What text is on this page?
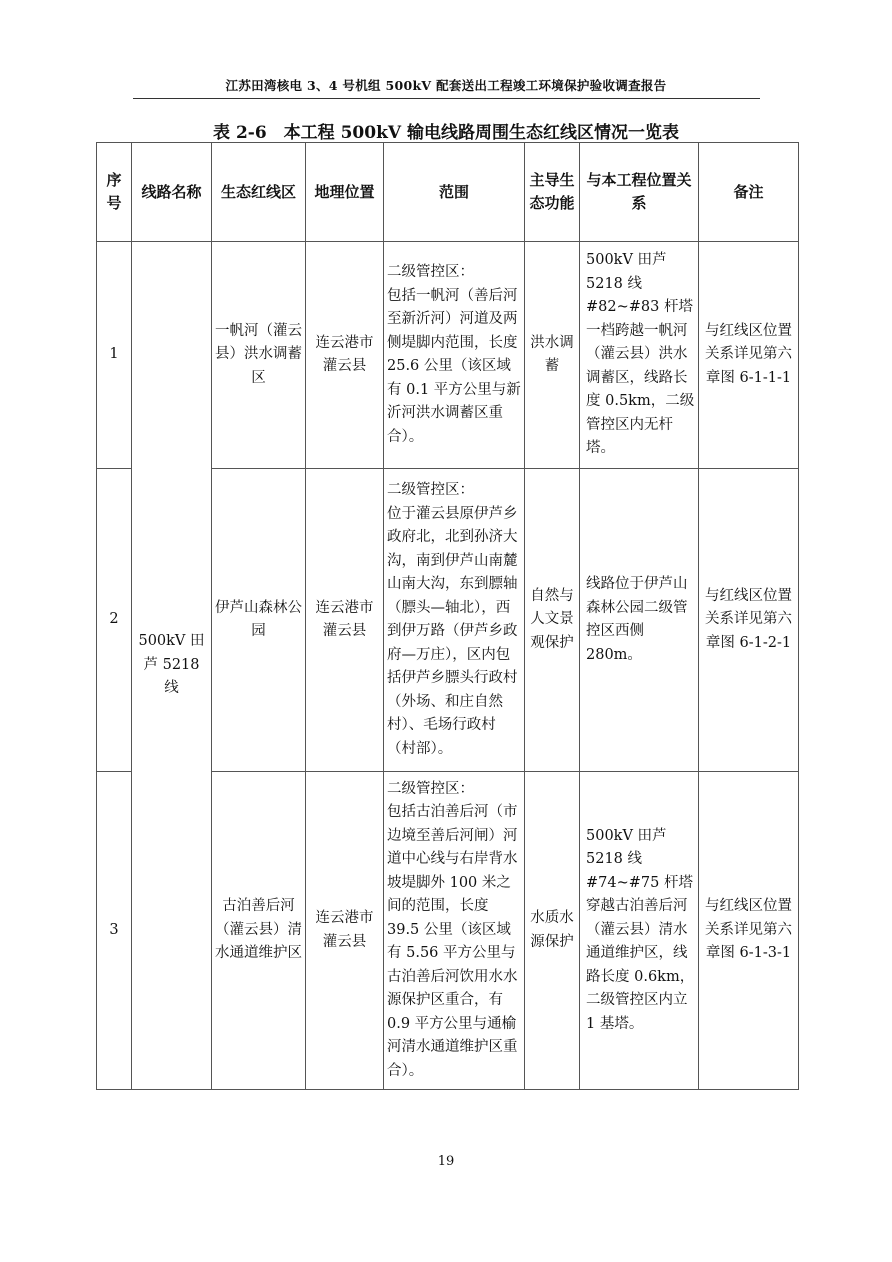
江苏田湾核电 3、4 号机组 500kV 配套送出工程竣工环境保护验收调查报告
表 2-6　本工程 500kV 输电线路周围生态红线区情况一览表
序号	线路名称	生态红线区	地理位置	范围	主导生态功能	与本工程位置关系	备注
1	500kV 田芦 5218 线	一帆河（灌云县）洪水调蓄区	连云港市灌云县	二级管控区：
包括一帆河（善后河至新沂河）河道及两侧堤脚内范围，长度 25.6 公里（该区域有 0.1 平方公里与新沂河洪水调蓄区重合）。	洪水调蓄	500kV 田芦 5218 线 #82~#83 杆塔一档跨越一帆河（灌云县）洪水调蓄区，线路长度 0.5km，二级管控区内无杆塔。	与红线区位置关系详见第六章图 6-1-1-1
2		伊芦山森林公园	连云港市灌云县	二级管控区：
位于灌云县原伊芦乡政府北，北到孙济大沟，南到伊芦山南麓山南大沟，东到膘轴（膘头—轴北），西到伊万路（伊芦乡政府—万庄），区内包括伊芦乡膘头行政村（外场、和庄自然村）、毛场行政村（村部）。	自然与人文景观保护	线路位于伊芦山森林公园二级管控区西侧 280m。	与红线区位置关系详见第六章图 6-1-2-1
3		古泊善后河（灌云县）清水通道维护区	连云港市灌云县	二级管控区：
包括古泊善后河（市边境至善后河闸）河道中心线与右岸背水坡堤脚外 100 米之间的范围，长度 39.5 公里（该区域有 5.56 平方公里与古泊善后河饮用水水源保护区重合，有 0.9 平方公里与通榆河清水通道维护区重合）。	水质水源保护	500kV 田芦 5218 线#74~#75 杆塔穿越古泊善后河（灌云县）清水通道维护区，线路长度 0.6km，二级管控区内立 1 基塔。	与红线区位置关系详见第六章图 6-1-3-1
19
